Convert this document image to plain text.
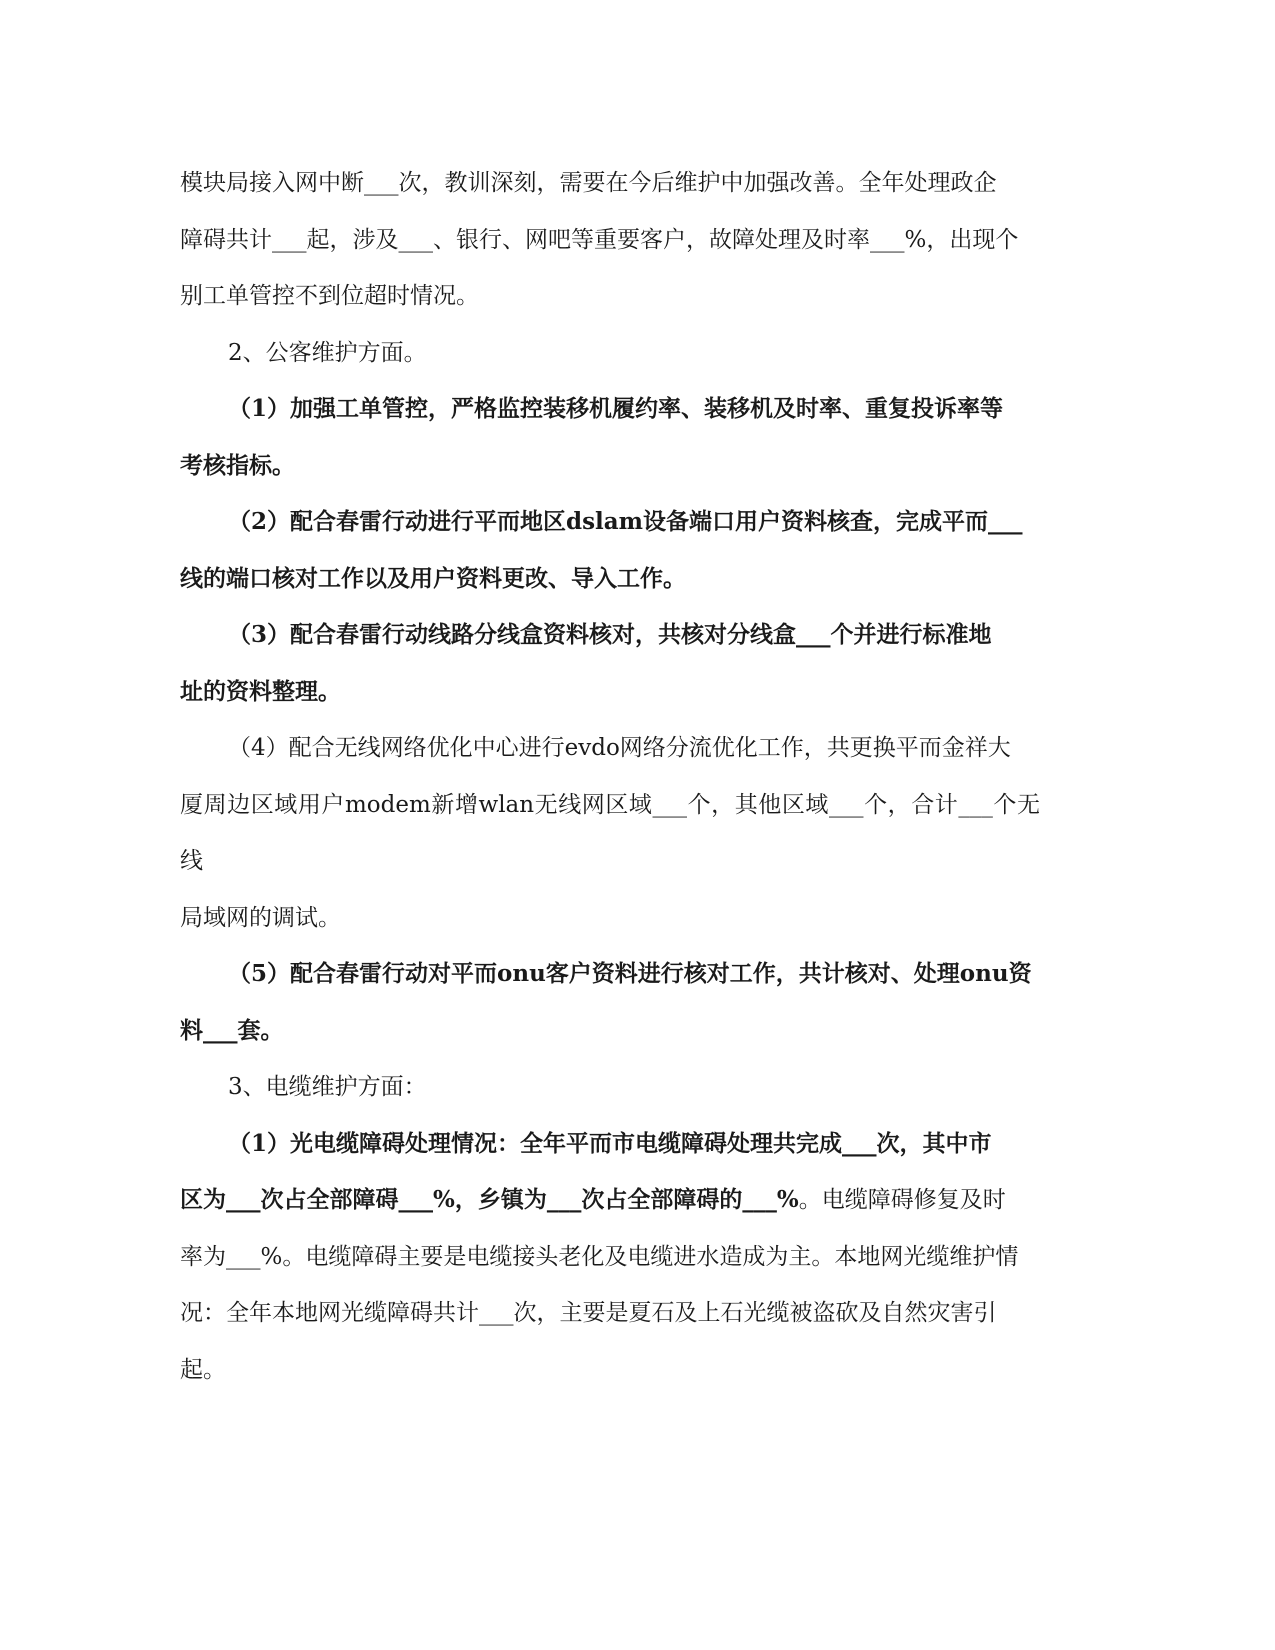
模块局接入网中断___次，教训深刻，需要在今后维护中加强改善。全年处理政企
障碍共计___起，涉及___、银行、网吧等重要客户，故障处理及时率___%，出现个
别工单管控不到位超时情况。

2、公客维护方面。

（1）加强工单管控，严格监控装移机履约率、装移机及时率、重复投诉率等
考核指标。

（2）配合春雷行动进行平而地区dslam设备端口用户资料核查，完成平而___
线的端口核对工作以及用户资料更改、导入工作。

（3）配合春雷行动线路分线盒资料核对，共核对分线盒___个并进行标准地
址的资料整理。

（4）配合无线网络优化中心进行evdo网络分流优化工作，共更换平而金祥大
厦周边区域用户modem新增wlan无线网区域___个，其他区域___个，合计___个无线
局域网的调试。

（5）配合春雷行动对平而onu客户资料进行核对工作，共计核对、处理onu资
料___套。

3、电缆维护方面：

（1）光电缆障碍处理情况：全年平而市电缆障碍处理共完成___次，其中市
区为___次占全部障碍___%，乡镇为___次占全部障碍的___%。电缆障碍修复及时
率为___%。电缆障碍主要是电缆接头老化及电缆进水造成为主。本地网光缆维护情
况：全年本地网光缆障碍共计___次，主要是夏石及上石光缆被盗砍及自然灾害引
起。
